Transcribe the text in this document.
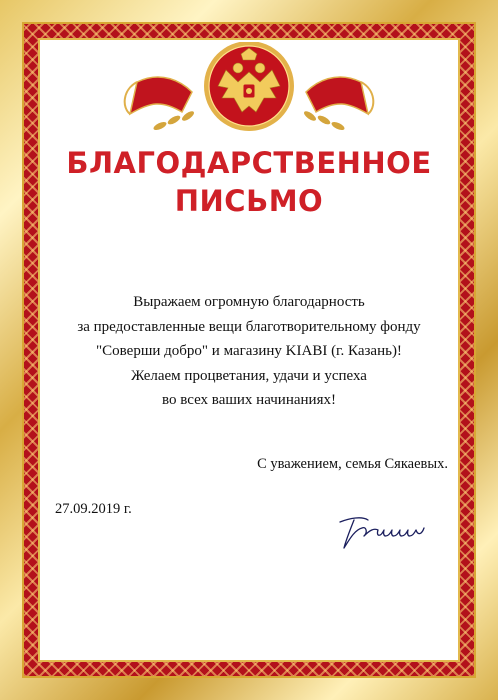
БЛАГОДАРСТВЕННОЕ
ПИСЬМО
Выражаем огромную благодарность
за предоставленные вещи благотворительному фонду
"Соверши добро" и магазину KIABI (г. Казань)!
Желаем процветания, удачи и успеха
во всех ваших начинаниях!
С уважением, семья Сякаевых.
27.09.2019 г.
